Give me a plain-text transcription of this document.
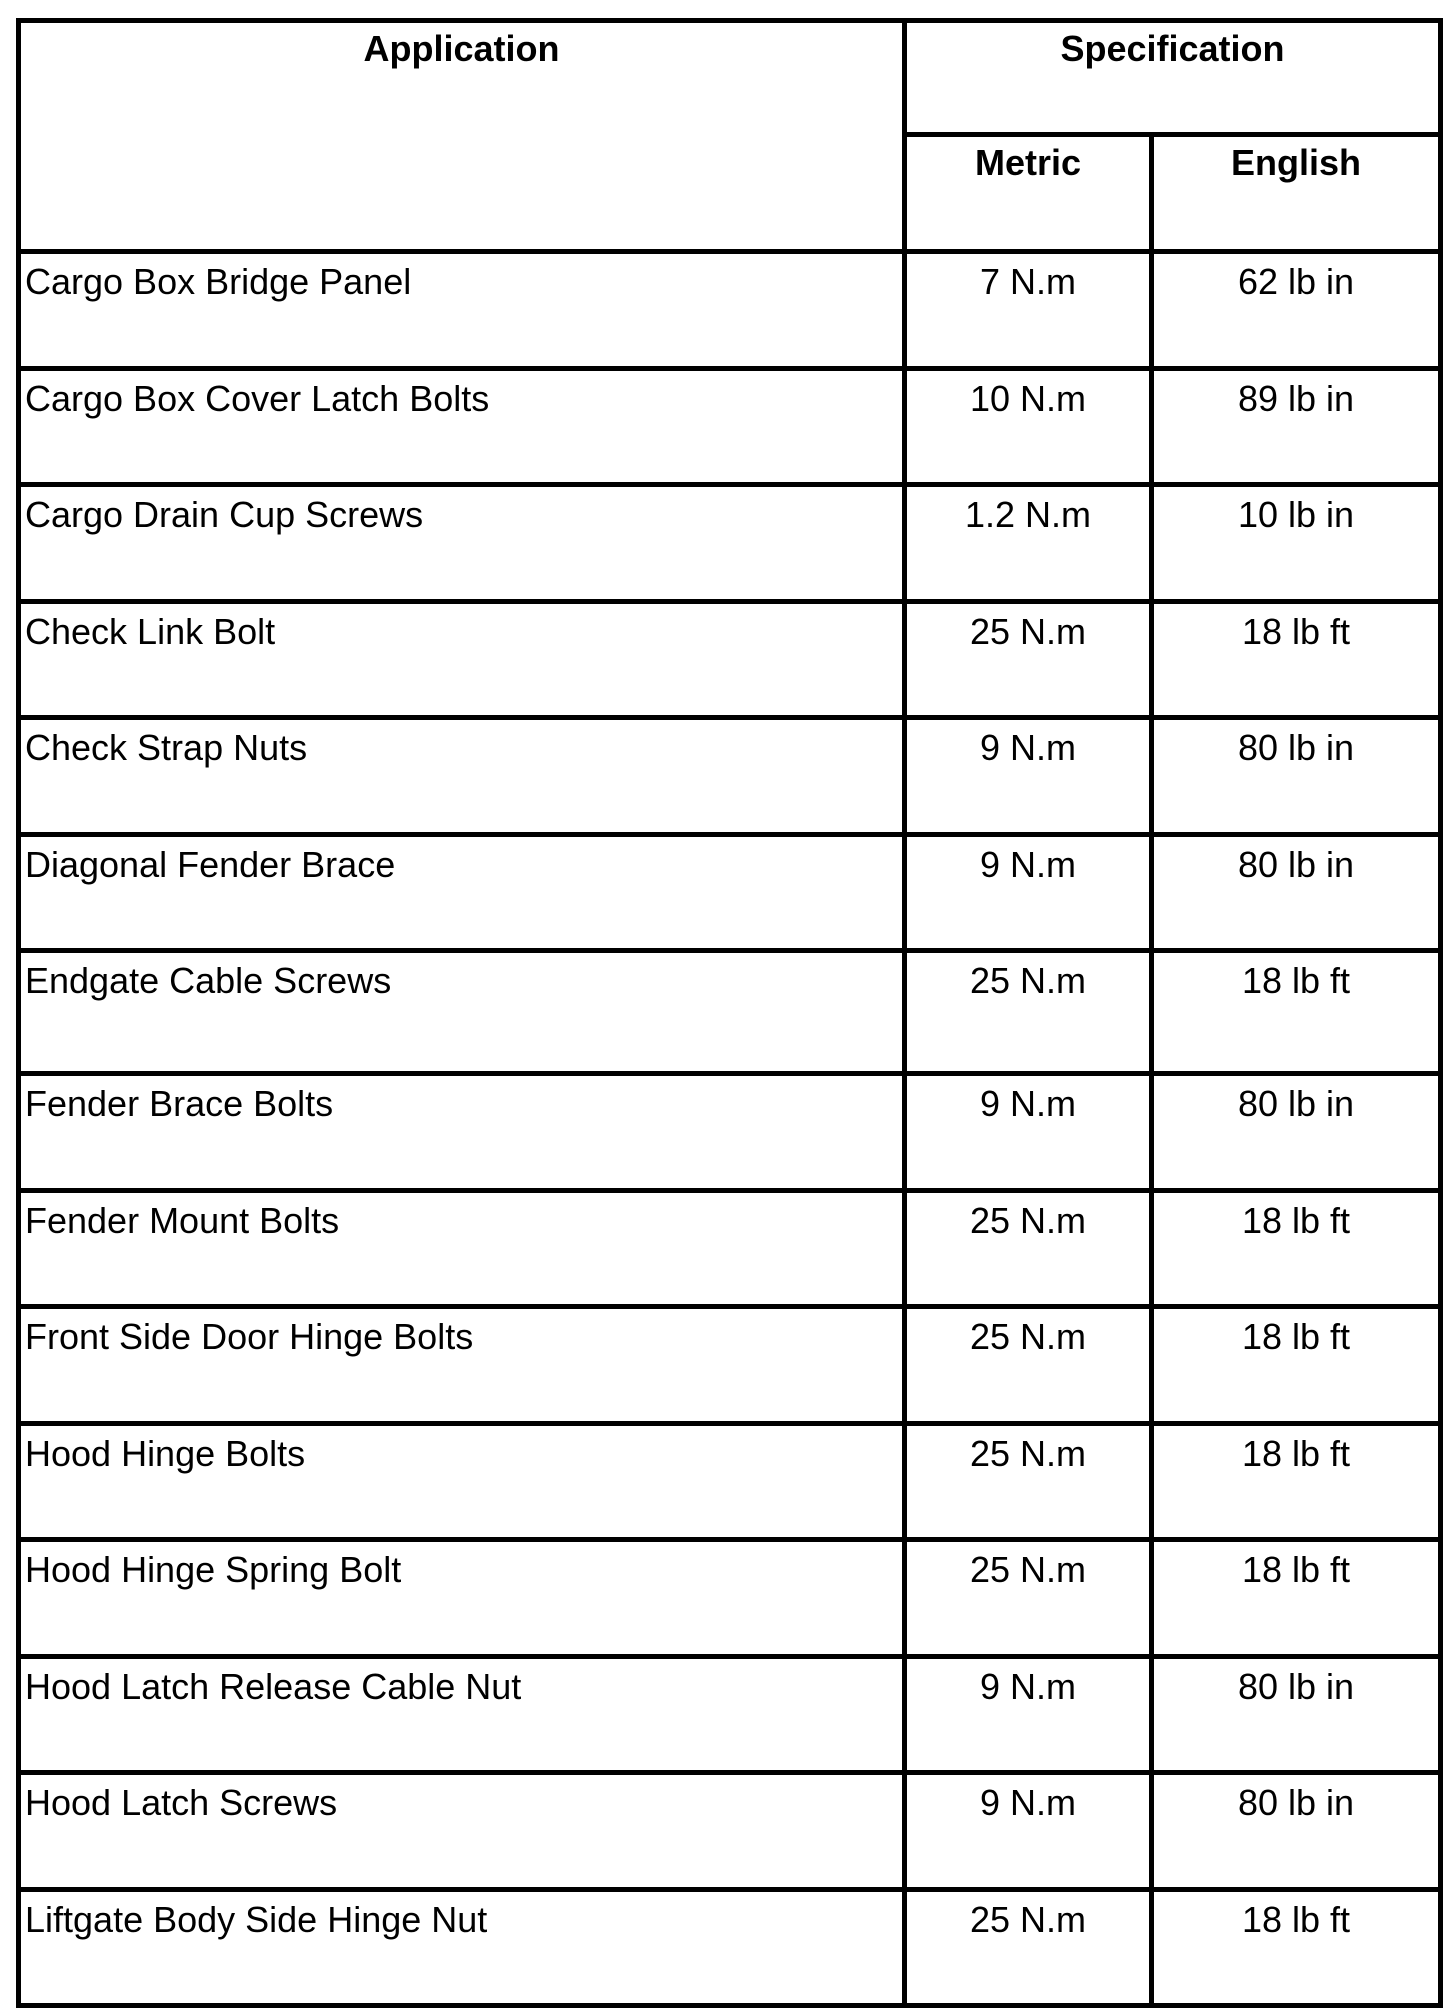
Application	Specification	
	Metric	English
Cargo Box Bridge Panel	7 N.m	62 lb in
Cargo Box Cover Latch Bolts	10 N.m	89 lb in
Cargo Drain Cup Screws	1.2 N.m	10 lb in
Check Link Bolt	25 N.m	18 lb ft
Check Strap Nuts	9 N.m	80 lb in
Diagonal Fender Brace	9 N.m	80 lb in
Endgate Cable Screws	25 N.m	18 lb ft
Fender Brace Bolts	9 N.m	80 lb in
Fender Mount Bolts	25 N.m	18 lb ft
Front Side Door Hinge Bolts	25 N.m	18 lb ft
Hood Hinge Bolts	25 N.m	18 lb ft
Hood Hinge Spring Bolt	25 N.m	18 lb ft
Hood Latch Release Cable Nut	9 N.m	80 lb in
Hood Latch Screws	9 N.m	80 lb in
Liftgate Body Side Hinge Nut	25 N.m	18 lb ft
